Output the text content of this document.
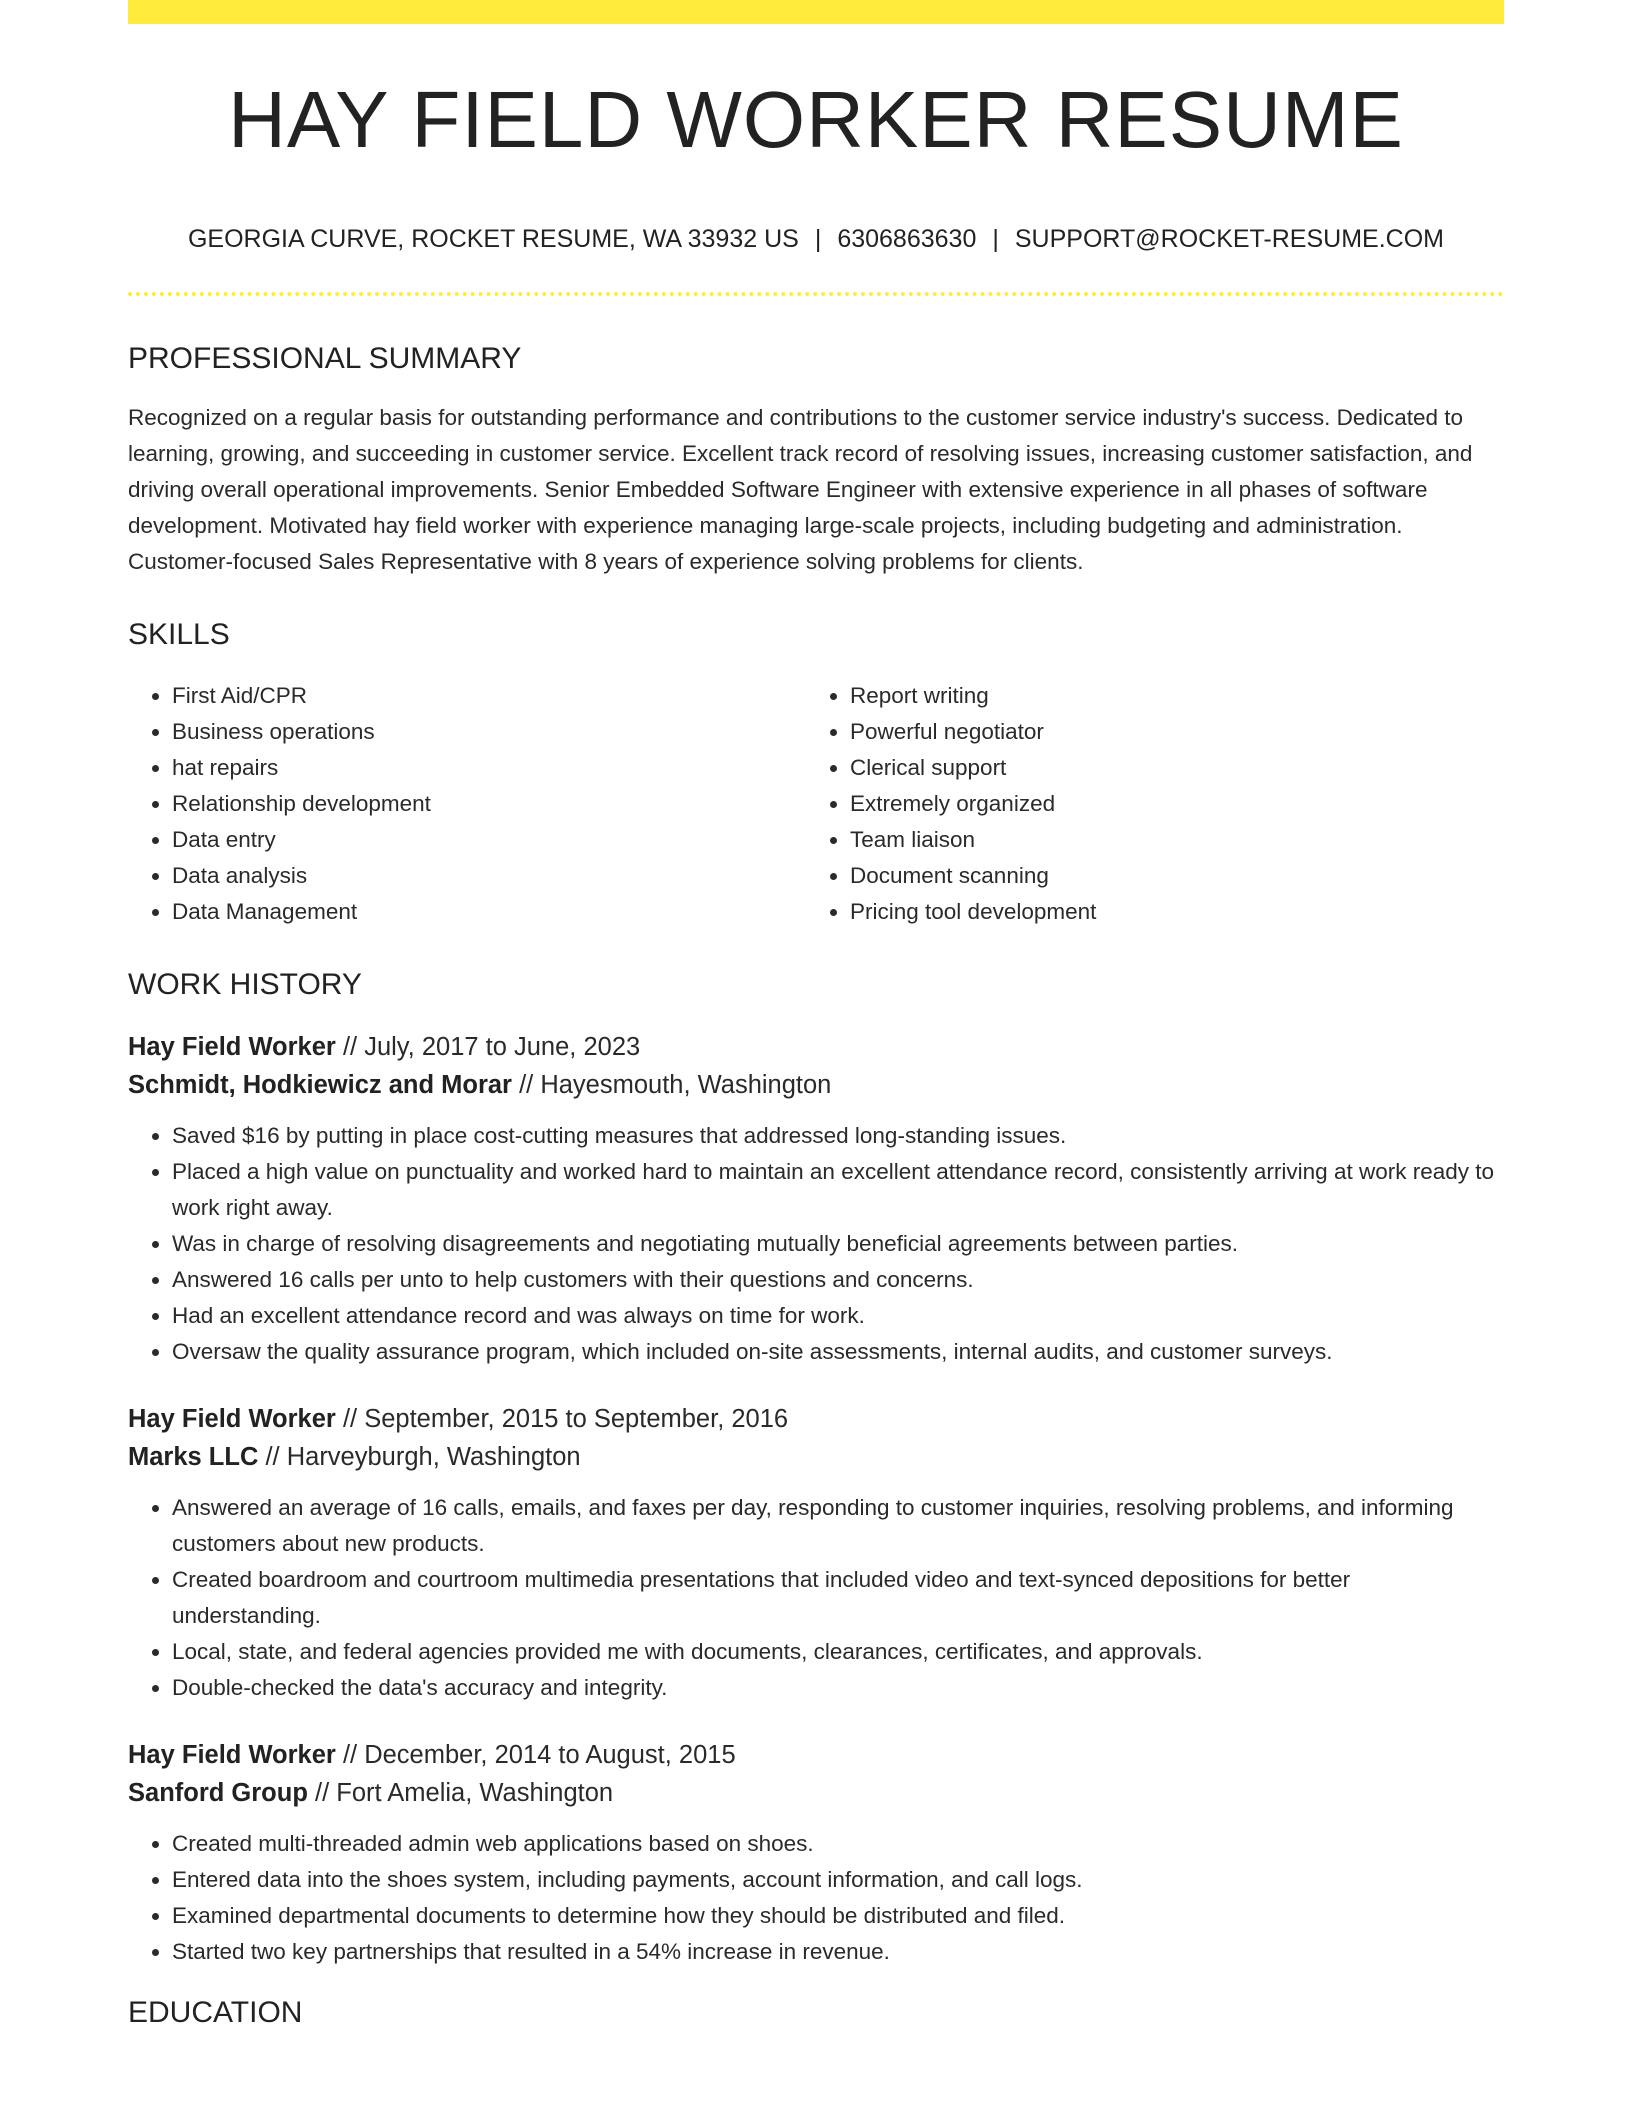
HAY FIELD WORKER RESUME
GEORGIA CURVE, ROCKET RESUME, WA 33932 US | 6306863630 | SUPPORT@ROCKET-RESUME.COM
PROFESSIONAL SUMMARY
Recognized on a regular basis for outstanding performance and contributions to the customer service industry's success. Dedicated to learning, growing, and succeeding in customer service. Excellent track record of resolving issues, increasing customer satisfaction, and driving overall operational improvements. Senior Embedded Software Engineer with extensive experience in all phases of software development. Motivated hay field worker with experience managing large-scale projects, including budgeting and administration. Customer-focused Sales Representative with 8 years of experience solving problems for clients.
SKILLS
• First Aid/CPR
• Business operations
• hat repairs
• Relationship development
• Data entry
• Data analysis
• Data Management
• Report writing
• Powerful negotiator
• Clerical support
• Extremely organized
• Team liaison
• Document scanning
• Pricing tool development
WORK HISTORY
Hay Field Worker // July, 2017 to June, 2023
Schmidt, Hodkiewicz and Morar // Hayesmouth, Washington
• Saved $16 by putting in place cost-cutting measures that addressed long-standing issues.
• Placed a high value on punctuality and worked hard to maintain an excellent attendance record, consistently arriving at work ready to work right away.
• Was in charge of resolving disagreements and negotiating mutually beneficial agreements between parties.
• Answered 16 calls per unto to help customers with their questions and concerns.
• Had an excellent attendance record and was always on time for work.
• Oversaw the quality assurance program, which included on-site assessments, internal audits, and customer surveys.
Hay Field Worker // September, 2015 to September, 2016
Marks LLC // Harveyburgh, Washington
• Answered an average of 16 calls, emails, and faxes per day, responding to customer inquiries, resolving problems, and informing customers about new products.
• Created boardroom and courtroom multimedia presentations that included video and text-synced depositions for better understanding.
• Local, state, and federal agencies provided me with documents, clearances, certificates, and approvals.
• Double-checked the data's accuracy and integrity.
Hay Field Worker // December, 2014 to August, 2015
Sanford Group // Fort Amelia, Washington
• Created multi-threaded admin web applications based on shoes.
• Entered data into the shoes system, including payments, account information, and call logs.
• Examined departmental documents to determine how they should be distributed and filed.
• Started two key partnerships that resulted in a 54% increase in revenue.
EDUCATION
